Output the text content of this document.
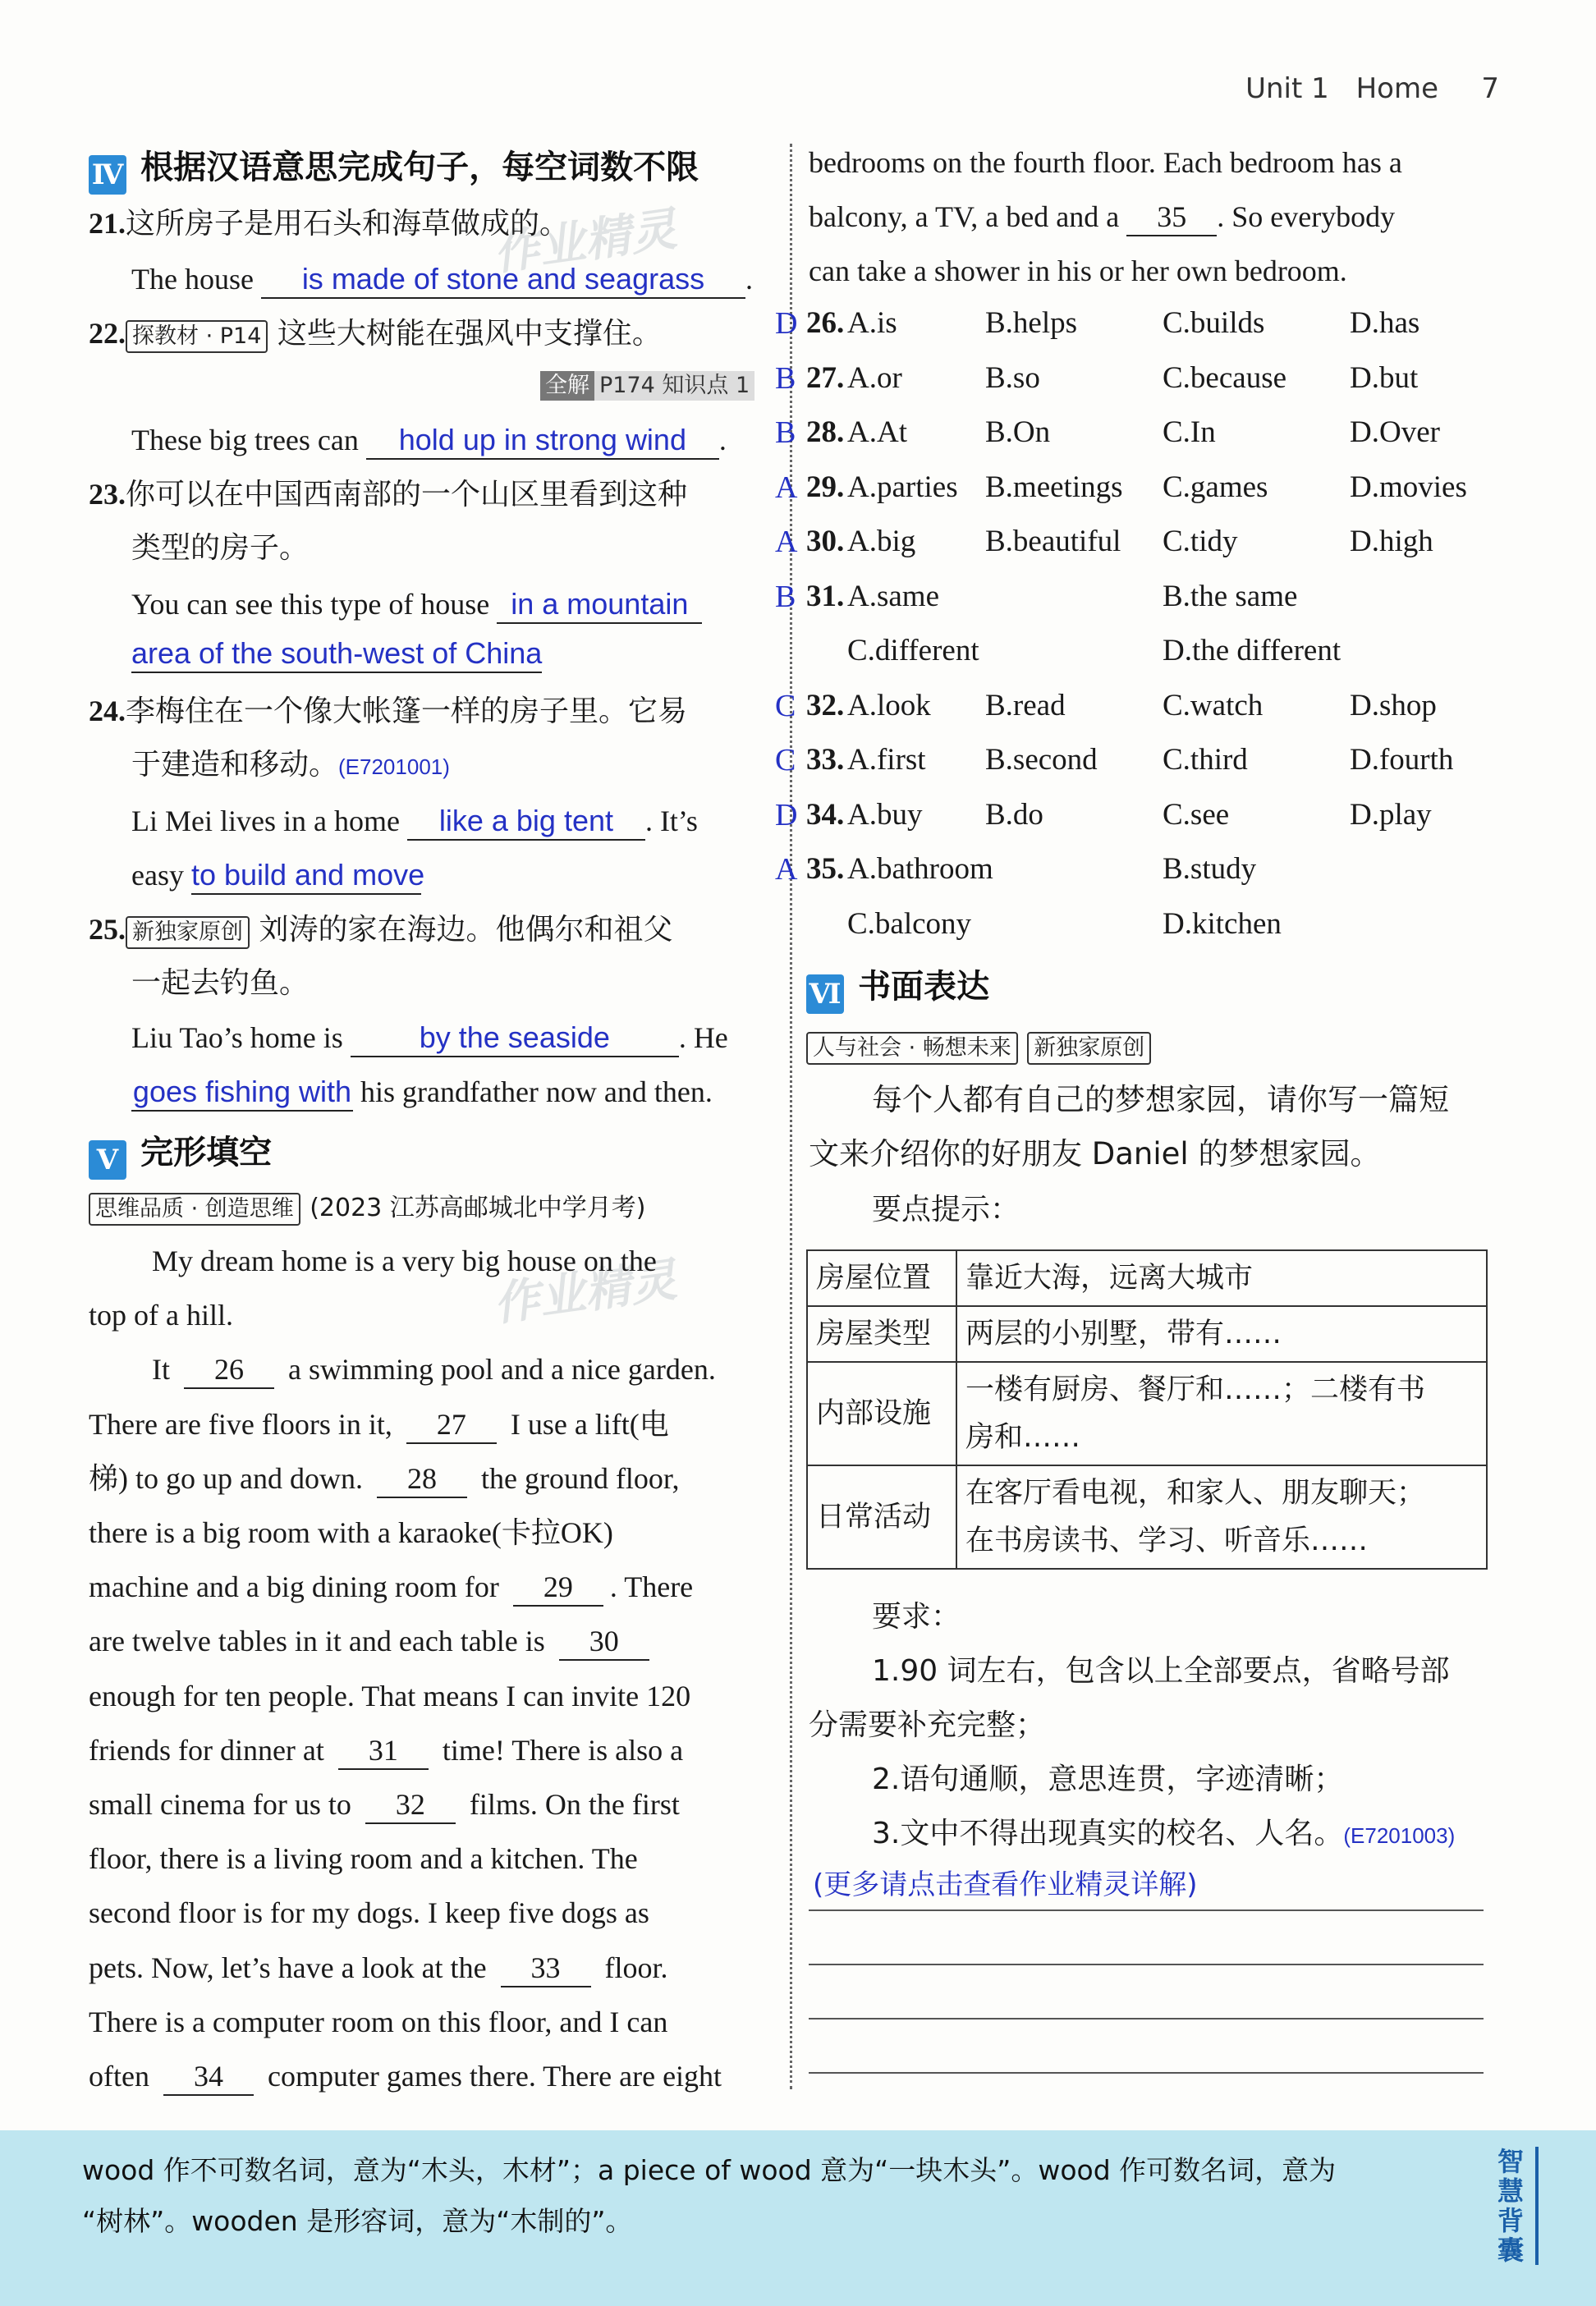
Unit 1 Home	7
作业精灵
作业精灵
Ⅳ 根据汉语意思完成句子，每空词数不限
21.这所房子是用石头和海草做成的。
The house is made of stone and seagrass .
22. 探教材 · P14 这些大树能在强风中支撑住。
全解 P174 知识点 1
These big trees can hold up in strong wind .
23.你可以在中国西南部的一个山区里看到这种
类型的房子。
You can see this type of house in a mountain
area of the south-west of China
24.李梅住在一个像大帐篷一样的房子里。它易
于建造和移动。(E7201001)
Li Mei lives in a home like a big tent . It’s
easy to build and move
25. 新独家原创 刘涛的家在海边。他偶尔和祖父
一起去钓鱼。
Liu Tao’s home is	by the seaside . He
goes fishing with his grandfather now and then.
Ⅴ 完形填空
思维品质 · 创造思维 (2023 江苏高邮城北中学月考)
My dream home is a very big house on the
top of a hill.
It 26 a swimming pool and a nice garden.
There are five floors in it, 27 I use a lift(电
梯) to go up and down. 28 the ground floor,
there is a big room with a karaoke(卡拉OK)
machine and a big dining room for 29 . There
are twelve tables in it and each table is 30
enough for ten people. That means I can invite 120
friends for dinner at 31 time! There is also a
small cinema for us to 32 films. On the first
floor, there is a living room and a kitchen. The
second floor is for my dogs. I keep five dogs as
pets. Now, let’s have a look at the 33 floor.
There is a computer room on this floor, and I can
often 34 computer games there. There are eight
bedrooms on the fourth floor. Each bedroom has a
balcony, a TV, a bed and a 35 . So everybody
can take a shower in his or her own bedroom.
D 26. A.is	B.helps	C.builds	D.has
B 27. A.or	B.so	C.because D.but
B 28. A.At	B.On	C.In	D.Over
A 29. A.parties B.meetings C.games	D.movies
A 30. A.big B.beautiful C.tidy	D.high
B 31. A.same	B.the same
C.different	D.the different
C 32. A.look B.read	C.watch	D.shop
C 33. A.first B.second C.third	D.fourth
D 34. A.buy B.do	C.see	D.play
A 35. A.bathroom	B.study
C.balcony	D.kitchen
Ⅵ 书面表达
人与社会 · 畅想未来 新独家原创
每个人都有自己的梦想家园，请你写一篇短
文来介绍你的好朋友 Daniel 的梦想家园。
要点提示：
房屋位置	靠近大海，远离大城市
房屋类型	两层的小别墅，带有……
内部设施	一楼有厨房、餐厅和……；二楼有书
房和……

日常活动	在客厅看电视，和家人、朋友聊天；
在书房读书、学习、听音乐……
要求：
1.90 词左右，包含以上全部要点，省略号部
分需要补充完整；
2.语句通顺，意思连贯，字迹清晰；
3.文中不得出现真实的校名、人名。(E7201003)
(更多请点击查看作业精灵详解)
wood 作不可数名词，意为“木头，木材”；a piece of wood 意为“一块木头”。wood 作可数名词，意为
“树林”。wooden 是形容词，意为“木制的”。
智慧背囊
